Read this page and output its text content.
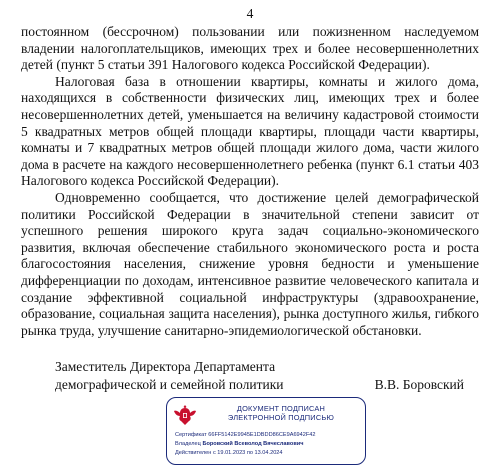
4

постоянном (бессрочном) пользовании или пожизненном наследуемом владении налогоплательщиков, имеющих трех и более несовершеннолетних детей (пункт 5 статьи 391 Налогового кодекса Российской Федерации).

Налоговая база в отношении квартиры, комнаты и жилого дома, находящихся в собственности физических лиц, имеющих трех и более несовершеннолетних детей, уменьшается на величину кадастровой стоимости 5 квадратных метров общей площади квартиры, площади части квартиры, комнаты и 7 квадратных метров общей площади жилого дома, части жилого дома в расчете на каждого несовершеннолетнего ребенка (пункт 6.1 статьи 403 Налогового кодекса Российской Федерации).

Одновременно сообщается, что достижение целей демографической политики Российской Федерации в значительной степени зависит от успешного решения широкого круга задач социально-экономического развития, включая обеспечение стабильного экономического роста и роста благосостояния населения, снижение уровня бедности и уменьшение дифференциации по доходам, интенсивное развитие человеческого капитала и создание эффективной социальной инфраструктуры (здравоохранение, образование, социальная защита населения), рынка доступного жилья, гибкого рынка труда, улучшение санитарно-эпидемиологической обстановки.

Заместитель Директора Департамента
демографической и семейной политики	В.В. Боровский
ДОКУМЕНТ ПОДПИСАН
ЭЛЕКТРОННОЙ ПОДПИСЬЮ
Сертификат 66FF5142E9945E1DBDD86CE9A6942F42
Владелец Боровский Всеволод Вячеславович
Действителен с 19.01.2023 по 13.04.2024
